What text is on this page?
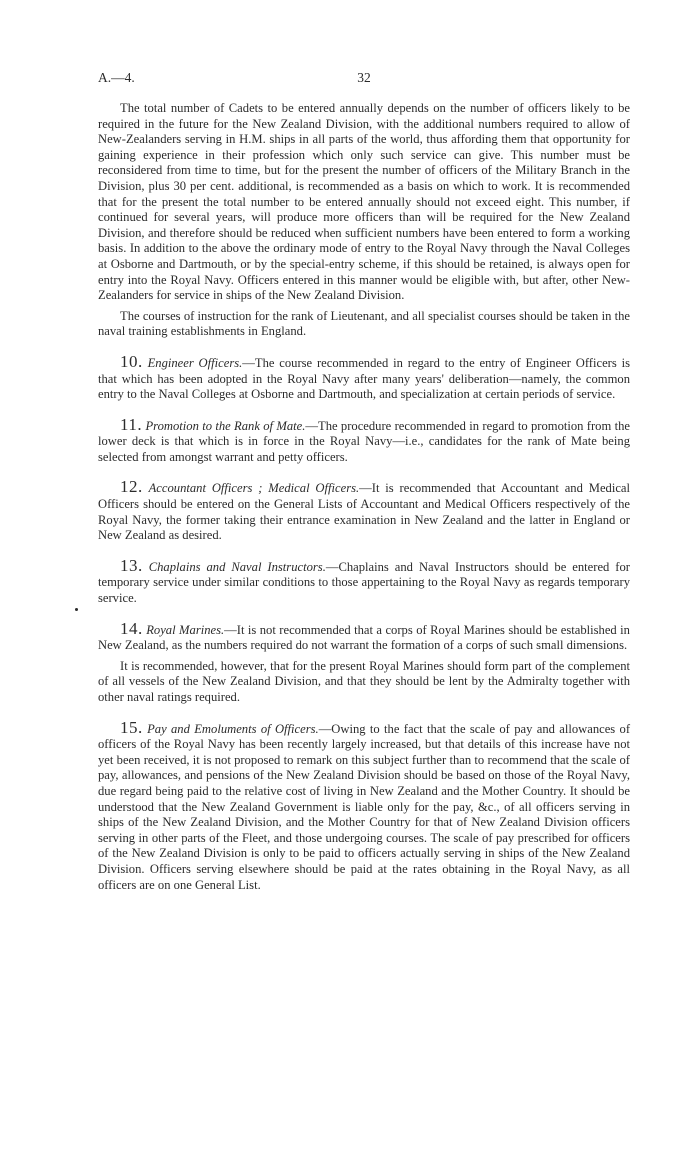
A.—4.	32

The total number of Cadets to be entered annually depends on the number of officers likely to be required in the future for the New Zealand Division, with the additional numbers required to allow of New-Zealanders serving in H.M. ships in all parts of the world, thus affording them that opportunity for gaining experience in their profession which only such service can give. This number must be reconsidered from time to time, but for the present the number of officers of the Military Branch in the Division, plus 30 per cent. additional, is recommended as a basis on which to work. It is recommended that for the present the total number to be entered annually should not exceed eight. This number, if continued for several years, will produce more officers than will be required for the New Zealand Division, and therefore should be reduced when sufficient numbers have been entered to form a working basis. In addition to the above the ordinary mode of entry to the Royal Navy through the Naval Colleges at Osborne and Dartmouth, or by the special-entry scheme, if this should be retained, is always open for entry into the Royal Navy. Officers entered in this manner would be eligible with, but after, other New-Zealanders for service in ships of the New Zealand Division.

The courses of instruction for the rank of Lieutenant, and all specialist courses should be taken in the naval training establishments in England.

10. Engineer Officers.—The course recommended in regard to the entry of Engineer Officers is that which has been adopted in the Royal Navy after many years' deliberation—namely, the common entry to the Naval Colleges at Osborne and Dartmouth, and specialization at certain periods of service.

11. Promotion to the Rank of Mate.—The procedure recommended in regard to promotion from the lower deck is that which is in force in the Royal Navy—i.e., candidates for the rank of Mate being selected from amongst warrant and petty officers.

12. Accountant Officers ; Medical Officers.—It is recommended that Accountant and Medical Officers should be entered on the General Lists of Accountant and Medical Officers respectively of the Royal Navy, the former taking their entrance examination in New Zealand and the latter in England or New Zealand as desired.

13. Chaplains and Naval Instructors.—Chaplains and Naval Instructors should be entered for temporary service under similar conditions to those appertaining to the Royal Navy as regards temporary service.

14. Royal Marines.—It is not recommended that a corps of Royal Marines should be established in New Zealand, as the numbers required do not warrant the formation of a corps of such small dimensions.

It is recommended, however, that for the present Royal Marines should form part of the complement of all vessels of the New Zealand Division, and that they should be lent by the Admiralty together with other naval ratings required.

15. Pay and Emoluments of Officers.—Owing to the fact that the scale of pay and allowances of officers of the Royal Navy has been recently largely increased, but that details of this increase have not yet been received, it is not proposed to remark on this subject further than to recommend that the scale of pay, allowances, and pensions of the New Zealand Division should be based on those of the Royal Navy, due regard being paid to the relative cost of living in New Zealand and the Mother Country. It should be understood that the New Zealand Government is liable only for the pay, &c., of all officers serving in ships of the New Zealand Division, and the Mother Country for that of New Zealand Division officers serving in other parts of the Fleet, and those undergoing courses. The scale of pay prescribed for officers of the New Zealand Division is only to be paid to officers actually serving in ships of the New Zealand Division. Officers serving elsewhere should be paid at the rates obtaining in the Royal Navy, as all officers are on one General List.
